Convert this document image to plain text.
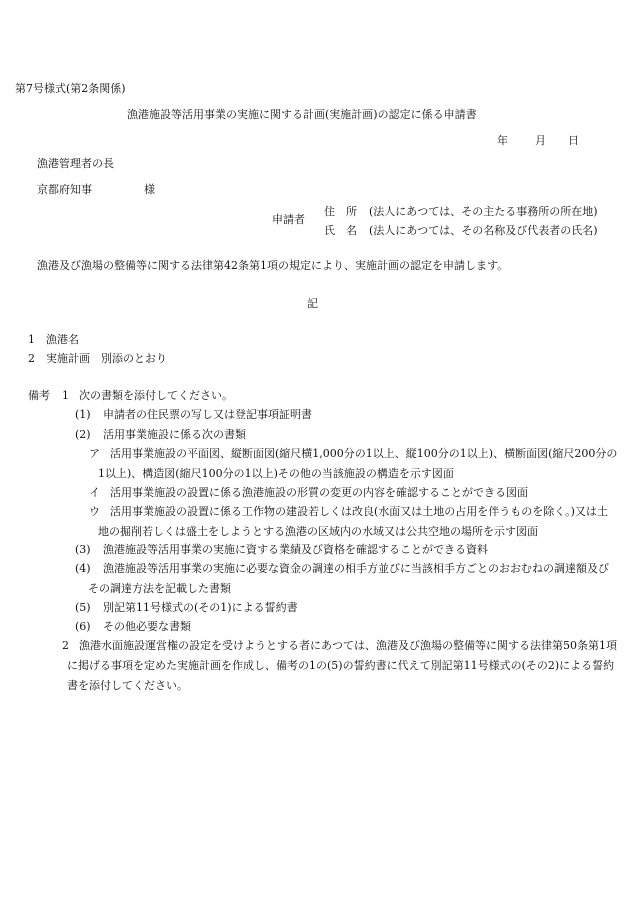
第7号様式(第2条関係)
漁港施設等活用事業の実施に関する計画(実施計画)の認定に係る申請書
年 月 日
漁港管理者の長
京都府知事	様
申請者
住　所 (法人にあつては、その主たる事務所の所在地)
氏　名 (法人にあつては、その名称及び代表者の氏名)
漁港及び漁場の整備等に関する法律第42条第1項の規定により、実施計画の認定を申請します。
記
1 漁港名
2 実施計画　別添のとおり
備考 1 次の書類を添付してください。
(1) 申請者の住民票の写し又は登記事項証明書
(2) 活用事業施設に係る次の書類
ア 活用事業施設の平面図、縦断面図(縮尺横1,000分の1以上、縦100分の1以上)、横断面図(縮尺200分の1以上)、構造図(縮尺100分の1以上)その他の当該施設の構造を示す図面
イ 活用事業施設の設置に係る漁港施設の形質の変更の内容を確認することができる図面
ウ 活用事業施設の設置に係る工作物の建設若しくは改良(水面又は土地の占用を伴うものを除く。)又は土地の掘削若しくは盛土をしようとする漁港の区域内の水域又は公共空地の場所を示す図面
(3) 漁港施設等活用事業の実施に資する業績及び資格を確認することができる資料
(4)	漁港施設等活用事業の実施に必要な資金の調達の相手方並びに当該相手方ごとのおおむねの調達額及びその調達方法を記載した書類
(5) 別記第11号様式の(その1)による誓約書
(6) その他必要な書類
2 漁港水面施設運営権の設定を受けようとする者にあつては、漁港及び漁場の整備等に関する法律第50条第1項に掲げる事項を定めた実施計画を作成し、備考の1の(5)の誓約書に代えて別記第11号様式の(その2)による誓約書を添付してください。
